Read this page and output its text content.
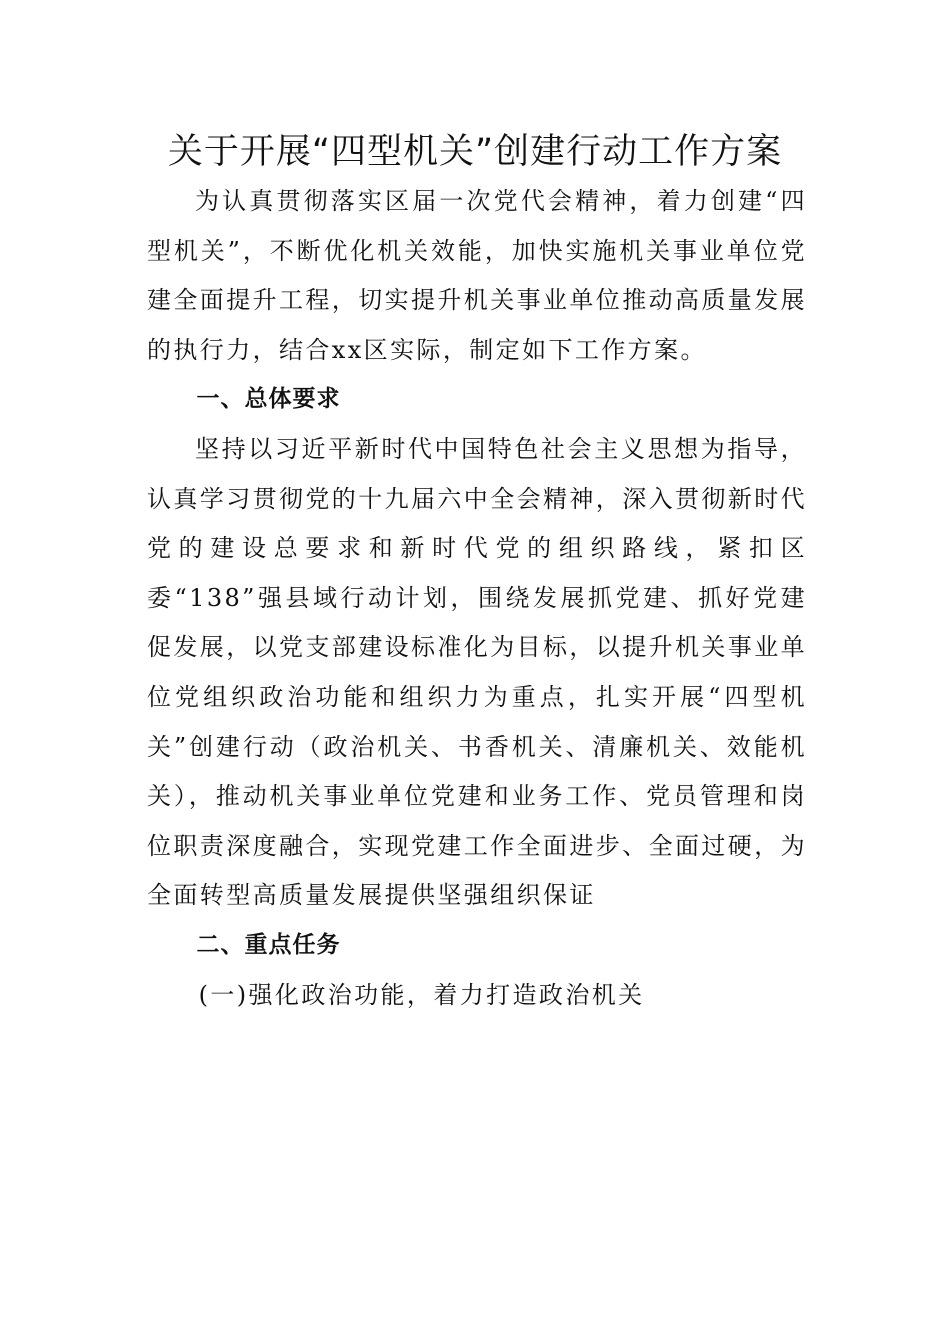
关于开展“四型机关”创建行动工作方案

为认真贯彻落实区届一次党代会精神，着力创建“四型机关”，不断优化机关效能，加快实施机关事业单位党建全面提升工程，切实提升机关事业单位推动高质量发展的执行力，结合xx区实际，制定如下工作方案。

一、总体要求

坚持以习近平新时代中国特色社会主义思想为指导，认真学习贯彻党的十九届六中全会精神，深入贯彻新时代党的建设总要求和新时代党的组织路线，紧扣区委“138”强县域行动计划，围绕发展抓党建、抓好党建促发展，以党支部建设标准化为目标，以提升机关事业单位党组织政治功能和组织力为重点，扎实开展“四型机关”创建行动（政治机关、书香机关、清廉机关、效能机关），推动机关事业单位党建和业务工作、党员管理和岗位职责深度融合，实现党建工作全面进步、全面过硬，为全面转型高质量发展提供坚强组织保证

二、重点任务

(一)强化政治功能，着力打造政治机关
